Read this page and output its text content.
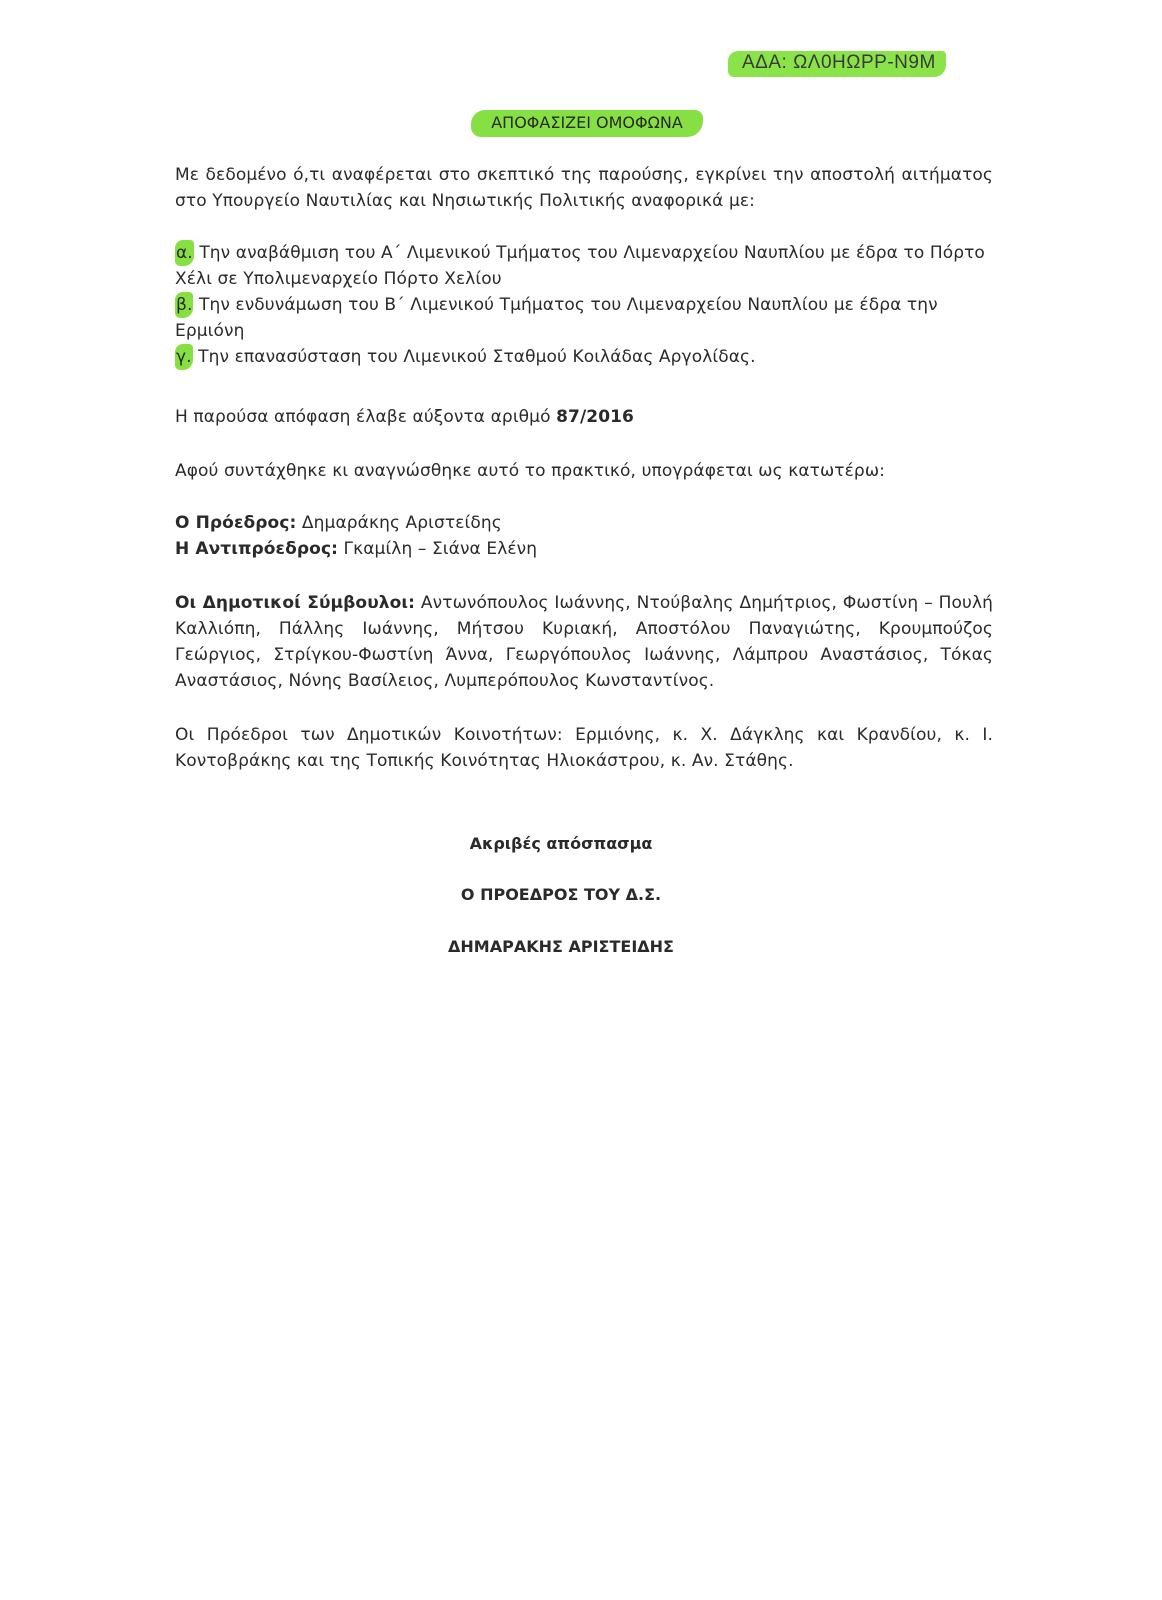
ΑΔΑ: ΩΛ0ΗΩΡΡ-Ν9Μ
ΑΠΟΦΑΣΙΖΕΙ ΟΜΟΦΩΝΑ
Με δεδομένο ό,τι αναφέρεται στο σκεπτικό της παρούσης, εγκρίνει την αποστολή αιτήματος στο Υπουργείο Ναυτιλίας και Νησιωτικής Πολιτικής αναφορικά με:
α. Την αναβάθμιση του Α΄ Λιμενικού Τμήματος του Λιμεναρχείου Ναυπλίου με έδρα το Πόρτο Χέλι σε Υπολιμεναρχείο Πόρτο Χελίου
β. Την ενδυνάμωση του Β΄ Λιμενικού Τμήματος του Λιμεναρχείου Ναυπλίου με έδρα την Ερμιόνη
γ. Την επανασύσταση του Λιμενικού Σταθμού Κοιλάδας Αργολίδας.
Η παρούσα απόφαση έλαβε αύξοντα αριθμό 87/2016
Αφού συντάχθηκε κι αναγνώσθηκε αυτό το πρακτικό, υπογράφεται ως κατωτέρω:
Ο Πρόεδρος: Δημαράκης Αριστείδης
Η Αντιπρόεδρος: Γκαμίλη – Σιάνα Ελένη
Οι Δημοτικοί Σύμβουλοι: Αντωνόπουλος Ιωάννης, Ντούβαλης Δημήτριος, Φωστίνη – Πουλή Καλλιόπη, Πάλλης Ιωάννης, Μήτσου Κυριακή, Αποστόλου Παναγιώτης, Κρουμπούζος Γεώργιος, Στρίγκου-Φωστίνη Άννα, Γεωργόπουλος Ιωάννης, Λάμπρου Αναστάσιος, Τόκας Αναστάσιος, Νόνης Βασίλειος, Λυμπερόπουλος Κωνσταντίνος.
Οι Πρόεδροι των Δημοτικών Κοινοτήτων: Ερμιόνης, κ. Χ. Δάγκλης και Κρανδίου, κ. Ι. Κοντοβράκης και της Τοπικής Κοινότητας Ηλιοκάστρου, κ. Αν. Στάθης.
Ακριβές απόσπασμα
Ο ΠΡΟΕΔΡΟΣ ΤΟΥ Δ.Σ.
ΔΗΜΑΡΑΚΗΣ ΑΡΙΣΤΕΙΔΗΣ
